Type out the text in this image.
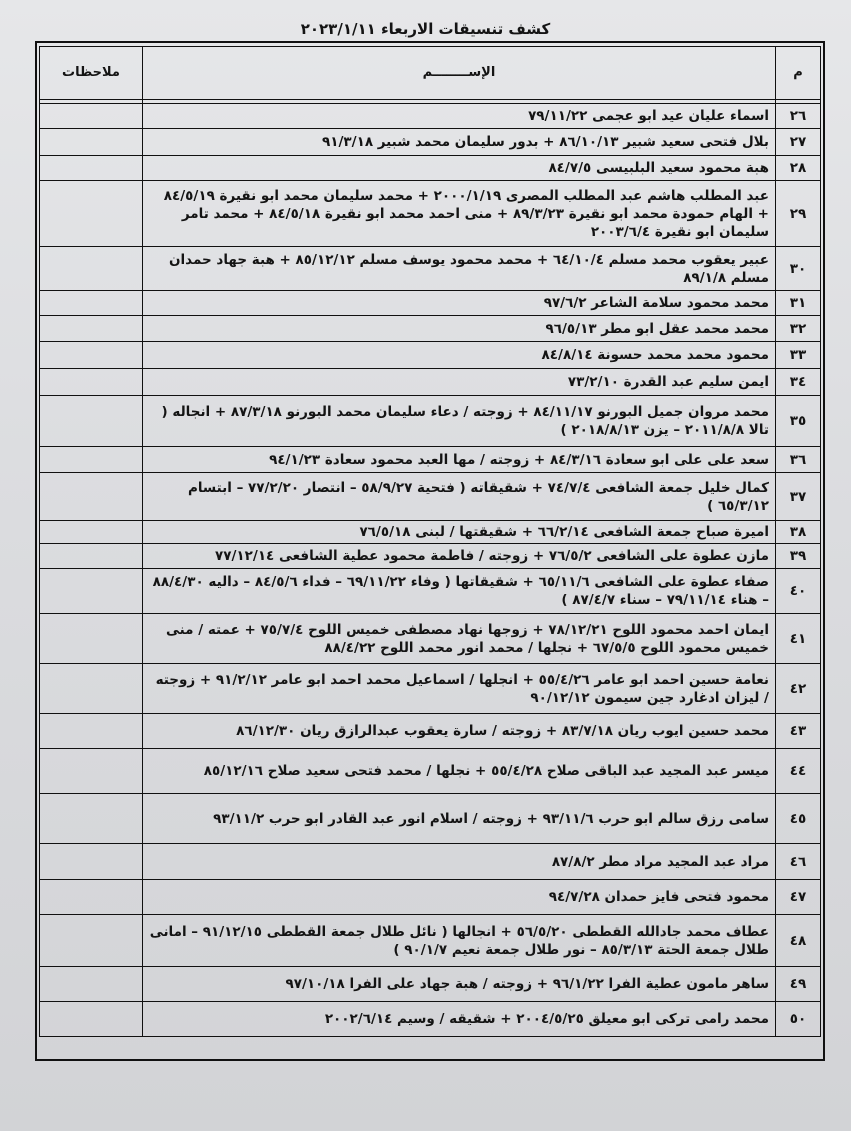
كشف تنسيقات الاربعاء ٢٠٢٣/١/١١
م	الإســــــــم	ملاحظات

٢٦	اسماء عليان عيد ابو عجمى ٧٩/١١/٢٢	
٢٧	بلال فتحى سعيد شبير ٨٦/١٠/١٣ + بدور سليمان محمد شبير ٩١/٣/١٨	
٢٨	هبة محمود سعيد البلبيسى ٨٤/٧/٥	
٢٩	عبد المطلب هاشم عبد المطلب المصرى ٢٠٠٠/١/١٩ + محمد سليمان محمد ابو نقيرة ٨٤/٥/١٩ + الهام حمودة محمد ابو نقيرة ٨٩/٣/٢٣ + منى احمد محمد ابو نقيرة ٨٤/٥/١٨ + محمد تامر سليمان ابو نقيرة ٢٠٠٣/٦/٤	
٣٠	عبير يعقوب محمد مسلم ٦٤/١٠/٤ + محمد محمود يوسف مسلم ٨٥/١٢/١٢ + هبة جهاد حمدان مسلم ٨٩/١/٨	
٣١	محمد محمود سلامة الشاعر ٩٧/٦/٢	
٣٢	محمد محمد عقل ابو مطر ٩٦/٥/١٣	
٣٣	محمود محمد محمد حسونة ٨٤/٨/١٤	
٣٤	ايمن سليم عبد القدرة ٧٣/٢/١٠	
٣٥	محمد مروان جميل البورنو ٨٤/١١/١٧ + زوجته / دعاء سليمان محمد البورنو ٨٧/٣/١٨ + انجاله ( تالا ٢٠١١/٨/٨ – يزن ٢٠١٨/٨/١٣ )	
٣٦	سعد على على ابو سعادة ٨٤/٣/١٦ + زوجته / مها العبد محمود سعادة ٩٤/١/٢٣	
٣٧	كمال خليل جمعة الشافعى ٧٤/٧/٤ + شقيقاته ( فتحية ٥٨/٩/٢٧ – انتصار ٧٧/٢/٢٠ – ابتسام ٦٥/٣/١٢ )	
٣٨	اميرة صباح جمعة الشافعى ٦٦/٢/١٤ + شقيقتها / لبنى ٧٦/٥/١٨	
٣٩	مازن عطوة على الشافعى ٧٦/٥/٢ + زوجته / فاطمة محمود عطية الشافعى ٧٧/١٢/١٤	
٤٠	صفاء عطوة على الشافعى ٦٥/١١/٦ + شقيقاتها ( وفاء ٦٩/١١/٢٢ – فداء ٨٤/٥/٦ – داليه ٨٨/٤/٣٠ – هناء ٧٩/١١/١٤ – سناء ٨٧/٤/٧ )	
٤١	ايمان احمد محمود اللوح ٧٨/١٢/٢١ + زوجها نهاد مصطفى خميس اللوح ٧٥/٧/٤ + عمته / منى خميس محمود اللوح ٦٧/٥/٥ + نجلها / محمد انور محمد اللوح ٨٨/٤/٢٢	
٤٢	نعامة حسين احمد ابو عامر ٥٥/٤/٢٦ + انجلها / اسماعيل محمد احمد ابو عامر ٩١/٢/١٢ + زوجته / ليزان ادغارد جين سيمون ٩٠/١٢/١٢	
٤٣	محمد حسين ايوب ريان ٨٣/٧/١٨ + زوجته / سارة يعقوب عبدالرازق ريان ٨٦/١٢/٣٠	
٤٤	ميسر عبد المجيد عبد الباقى صلاح ٥٥/٤/٢٨ + نجلها / محمد فتحى سعيد صلاح ٨٥/١٢/١٦	
٤٥	سامى رزق سالم ابو حرب ٩٣/١١/٦ + زوجته / اسلام انور عبد القادر ابو حرب ٩٣/١١/٢	
٤٦	مراد عبد المجيد مراد مطر ٨٧/٨/٢	
٤٧	محمود فتحى فايز حمدان ٩٤/٧/٢٨	
٤٨	عطاف محمد جادالله القططى ٥٦/٥/٢٠ + انجالها ( نائل طلال جمعة القططى ٩١/١٢/١٥ – امانى طلال جمعة الحتة ٨٥/٣/١٣ – نور طلال جمعة نعيم ٩٠/١/٧ )	
٤٩	ساهر مامون عطية الفرا ٩٦/١/٢٢ + زوجته / هبة جهاد على الفرا ٩٧/١٠/١٨	
٥٠	محمد رامى تركى ابو معيلق ٢٠٠٤/٥/٢٥ + شقيقه / وسيم ٢٠٠٢/٦/١٤	
